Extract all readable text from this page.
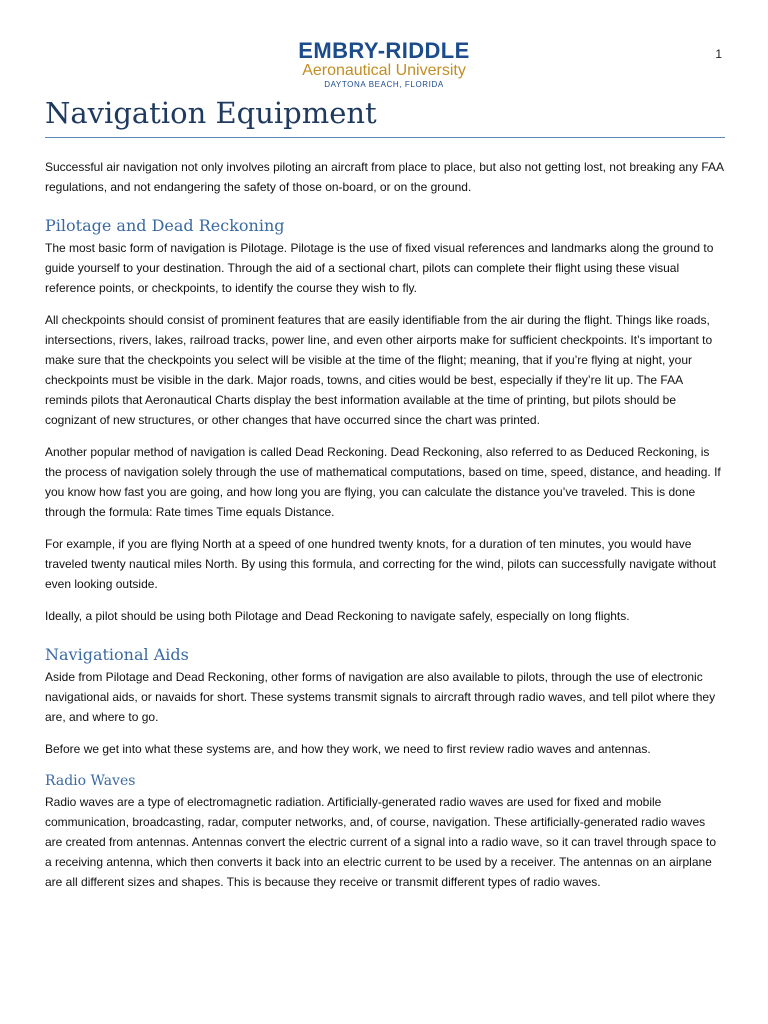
1
EMBRY-RIDDLE
Aeronautical University
DAYTONA BEACH, FLORIDA
Navigation Equipment

Successful air navigation not only involves piloting an aircraft from place to place, but also not getting lost, not breaking any FAA regulations, and not endangering the safety of those on-board, or on the ground.

Pilotage and Dead Reckoning

The most basic form of navigation is Pilotage. Pilotage is the use of fixed visual references and landmarks along the ground to guide yourself to your destination. Through the aid of a sectional chart, pilots can complete their flight using these visual reference points, or checkpoints, to identify the course they wish to fly.

All checkpoints should consist of prominent features that are easily identifiable from the air during the flight. Things like roads, intersections, rivers, lakes, railroad tracks, power line, and even other airports make for sufficient checkpoints. It’s important to make sure that the checkpoints you select will be visible at the time of the flight; meaning, that if you’re flying at night, your checkpoints must be visible in the dark. Major roads, towns, and cities would be best, especially if they’re lit up. The FAA reminds pilots that Aeronautical Charts display the best information available at the time of printing, but pilots should be cognizant of new structures, or other changes that have occurred since the chart was printed.

Another popular method of navigation is called Dead Reckoning. Dead Reckoning, also referred to as Deduced Reckoning, is the process of navigation solely through the use of mathematical computations, based on time, speed, distance, and heading. If you know how fast you are going, and how long you are flying, you can calculate the distance you’ve traveled. This is done through the formula: Rate times Time equals Distance.

For example, if you are flying North at a speed of one hundred twenty knots, for a duration of ten minutes, you would have traveled twenty nautical miles North. By using this formula, and correcting for the wind, pilots can successfully navigate without even looking outside.

Ideally, a pilot should be using both Pilotage and Dead Reckoning to navigate safely, especially on long flights.

Navigational Aids

Aside from Pilotage and Dead Reckoning, other forms of navigation are also available to pilots, through the use of electronic navigational aids, or navaids for short. These systems transmit signals to aircraft through radio waves, and tell pilot where they are, and where to go.

Before we get into what these systems are, and how they work, we need to first review radio waves and antennas.

Radio Waves

Radio waves are a type of electromagnetic radiation. Artificially-generated radio waves are used for fixed and mobile communication, broadcasting, radar, computer networks, and, of course, navigation. These artificially-generated radio waves are created from antennas. Antennas convert the electric current of a signal into a radio wave, so it can travel through space to a receiving antenna, which then converts it back into an electric current to be used by a receiver. The antennas on an airplane are all different sizes and shapes. This is because they receive or transmit different types of radio waves.
